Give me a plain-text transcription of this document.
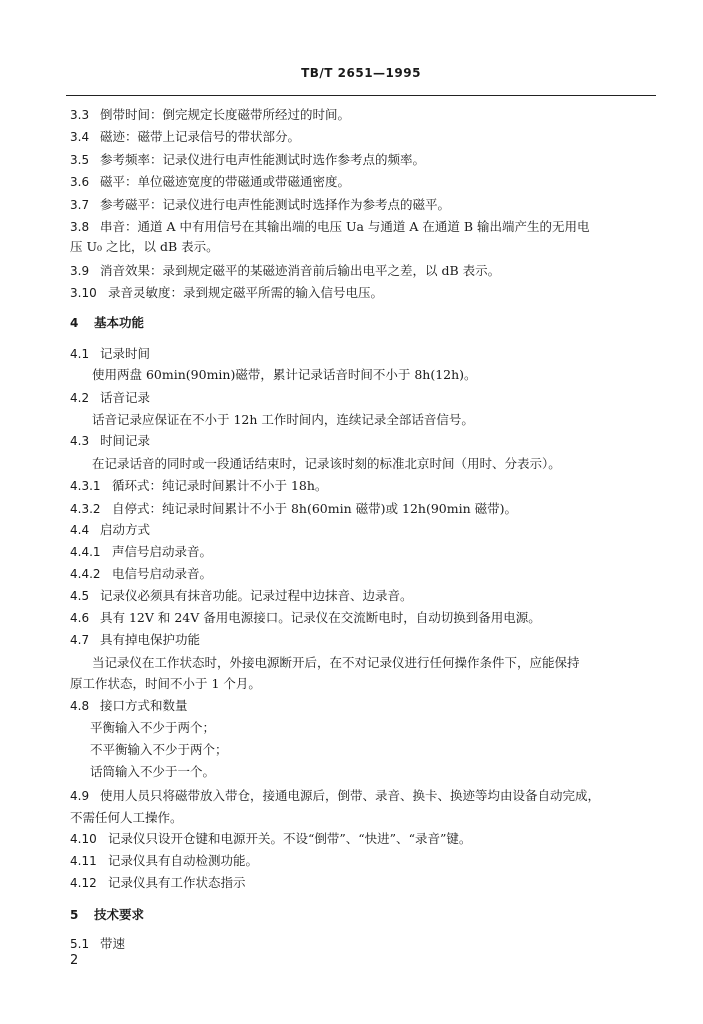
TB/T 2651—1995
3.3 倒带时间：倒完规定长度磁带所经过的时间。
3.4 磁迹：磁带上记录信号的带状部分。
3.5 参考频率：记录仪进行电声性能测试时选作参考点的频率。
3.6 磁平：单位磁迹宽度的带磁通或带磁通密度。
3.7 参考磁平：记录仪进行电声性能测试时选择作为参考点的磁平。
3.8 串音：通道 A 中有用信号在其输出端的电压 Ua 与通道 A 在通道 B 输出端产生的无用电
压 U₀ 之比，以 dB 表示。
3.9 消音效果：录到规定磁平的某磁迹消音前后输出电平之差，以 dB 表示。
3.10 录音灵敏度：录到规定磁平所需的输入信号电压。
4 基本功能
4.1 记录时间
使用两盘 60min(90min)磁带，累计记录话音时间不小于 8h(12h)。
4.2 话音记录
话音记录应保证在不小于 12h 工作时间内，连续记录全部话音信号。
4.3 时间记录
在记录话音的同时或一段通话结束时，记录该时刻的标准北京时间（用时、分表示）。
4.3.1 循环式：纯记录时间累计不小于 18h。
4.3.2 自停式：纯记录时间累计不小于 8h(60min 磁带)或 12h(90min 磁带)。
4.4 启动方式
4.4.1 声信号启动录音。
4.4.2 电信号启动录音。
4.5 记录仪必须具有抹音功能。记录过程中边抹音、边录音。
4.6 具有 12V 和 24V 备用电源接口。记录仪在交流断电时，自动切换到备用电源。
4.7 具有掉电保护功能
当记录仪在工作状态时，外接电源断开后，在不对记录仪进行任何操作条件下，应能保持
原工作状态，时间不小于 1 个月。
4.8 接口方式和数量
平衡输入不少于两个；
不平衡输入不少于两个；
话筒输入不少于一个。
4.9 使用人员只将磁带放入带仓，接通电源后，倒带、录音、换卡、换迹等均由设备自动完成，
不需任何人工操作。
4.10 记录仪只设开仓键和电源开关。不设“倒带”、“快进”、“录音”键。
4.11 记录仪具有自动检测功能。
4.12 记录仪具有工作状态指示
5 技术要求
5.1 带速
2
